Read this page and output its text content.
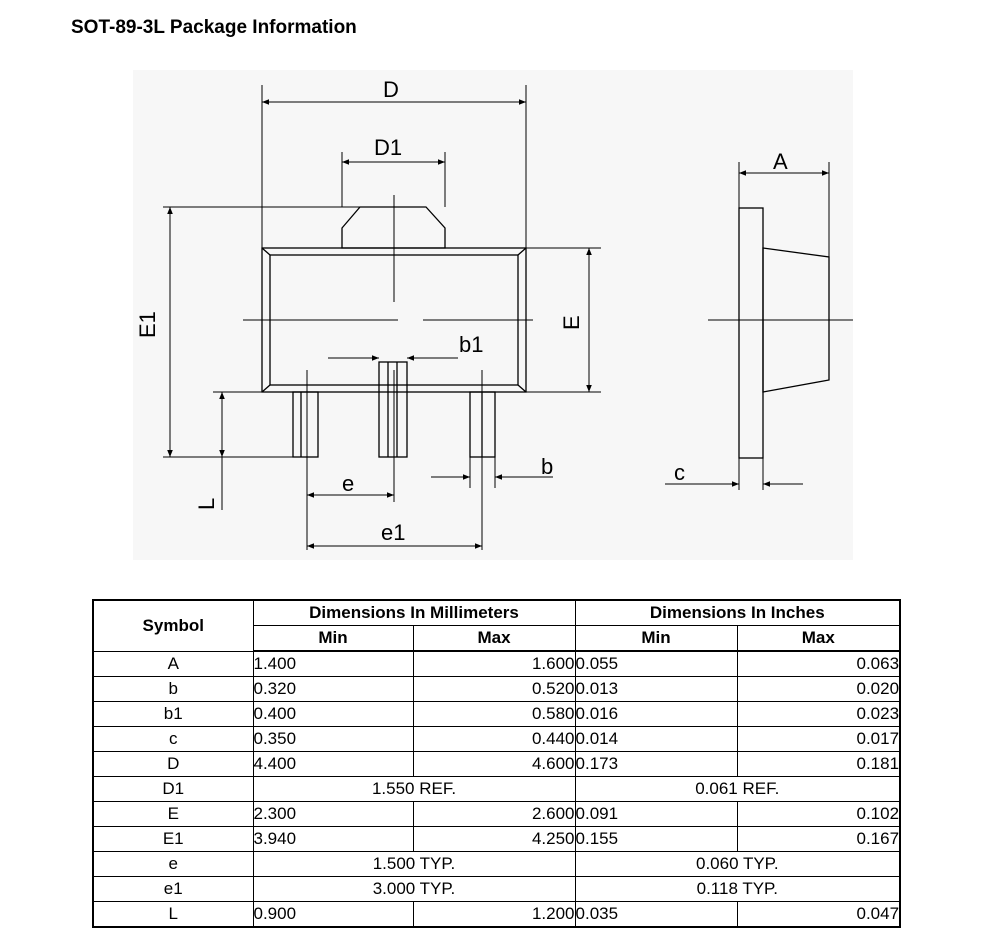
SOT-89-3L Package Information
D
D1
E1	E
A
b1
b	c
e
e1
L
Symbol	Dimensions In Millimeters		Dimensions In Inches	
	Min	Max	Min	Max
A	1.400	1.600	0.055	0.063
b	0.320	0.520	0.013	0.020
b1	0.400	0.580	0.016	0.023
c	0.350	0.440	0.014	0.017
D	4.400	4.600	0.173	0.181
D1	1.550 REF.		0.061 REF.	
E	2.300	2.600	0.091	0.102
E1	3.940	4.250	0.155	0.167
e	1.500 TYP.		0.060 TYP.	
e1	3.000 TYP.		0.118 TYP.	
L	0.900	1.200	0.035	0.047
